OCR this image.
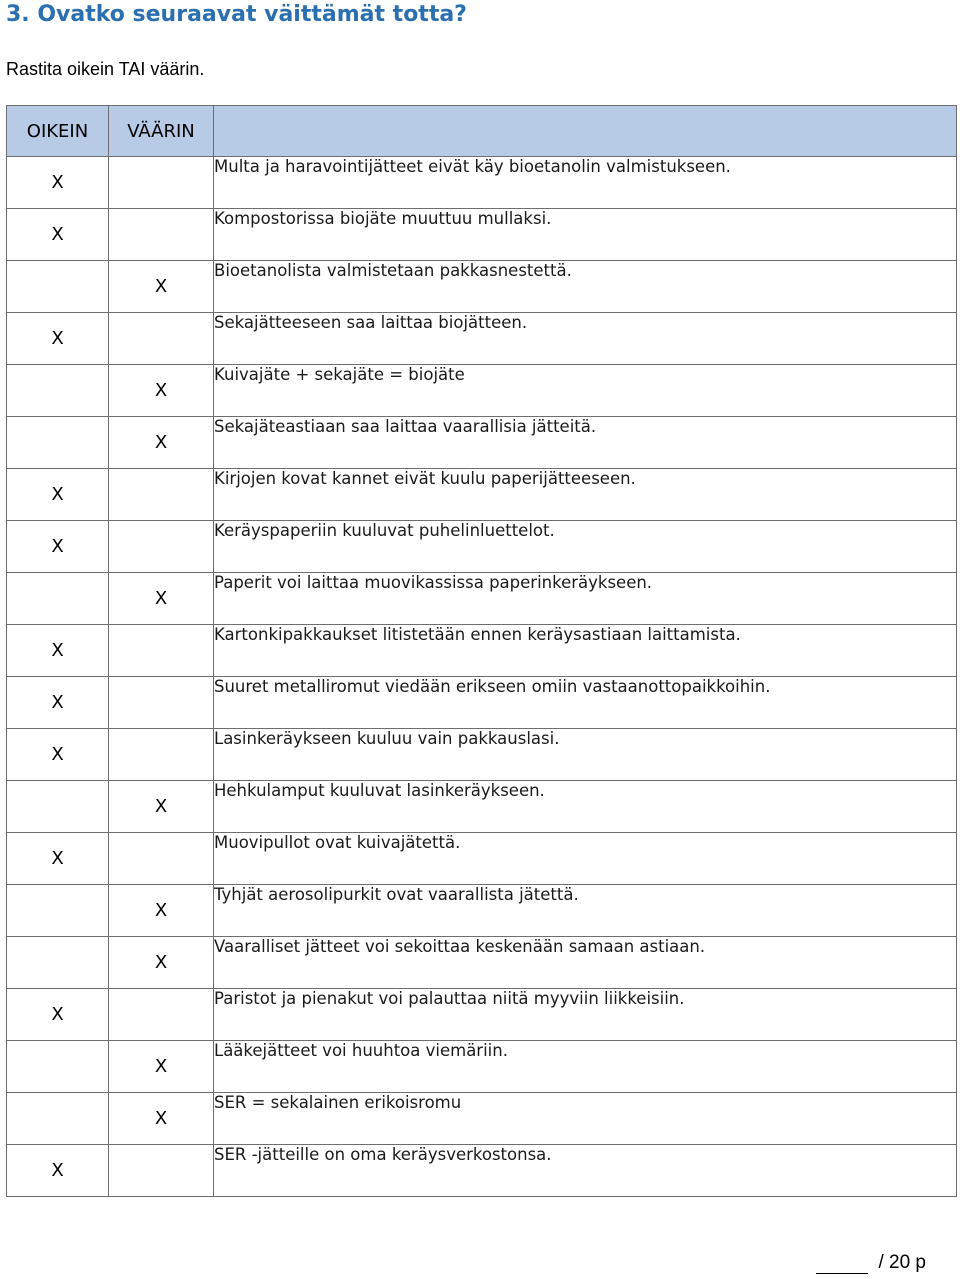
3. Ovatko seuraavat väittämät totta?

Rastita oikein TAI väärin.

OIKEIN	VÄÄRIN	
X		Multa ja haravointijätteet eivät käy bioetanolin valmistukseen.
X		Kompostorissa biojäte muuttuu mullaksi.
	X	Bioetanolista valmistetaan pakkasnestettä.
X		Sekajätteeseen saa laittaa biojätteen.
	X	Kuivajäte + sekajäte = biojäte
	X	Sekajäteastiaan saa laittaa vaarallisia jätteitä.
X		Kirjojen kovat kannet eivät kuulu paperijätteeseen.
X		Keräyspaperiin kuuluvat puhelinluettelot.
	X	Paperit voi laittaa muovikassissa paperinkeräykseen.
X		Kartonkipakkaukset litistetään ennen keräysastiaan laittamista.
X		Suuret metalliromut viedään erikseen omiin vastaanottopaikkoihin.
X		Lasinkeräykseen kuuluu vain pakkauslasi.
	X	Hehkulamput kuuluvat lasinkeräykseen.
X		Muovipullot ovat kuivajätettä.
	X	Tyhjät aerosolipurkit ovat vaarallista jätettä.
	X	Vaaralliset jätteet voi sekoittaa keskenään samaan astiaan.
X		Paristot ja pienakut voi palauttaa niitä myyviin liikkeisiin.
	X	Lääkejätteet voi huuhtoa viemäriin.
	X	SER = sekalainen erikoisromu
X		SER -jätteille on oma keräysverkostonsa.
/ 20 p
